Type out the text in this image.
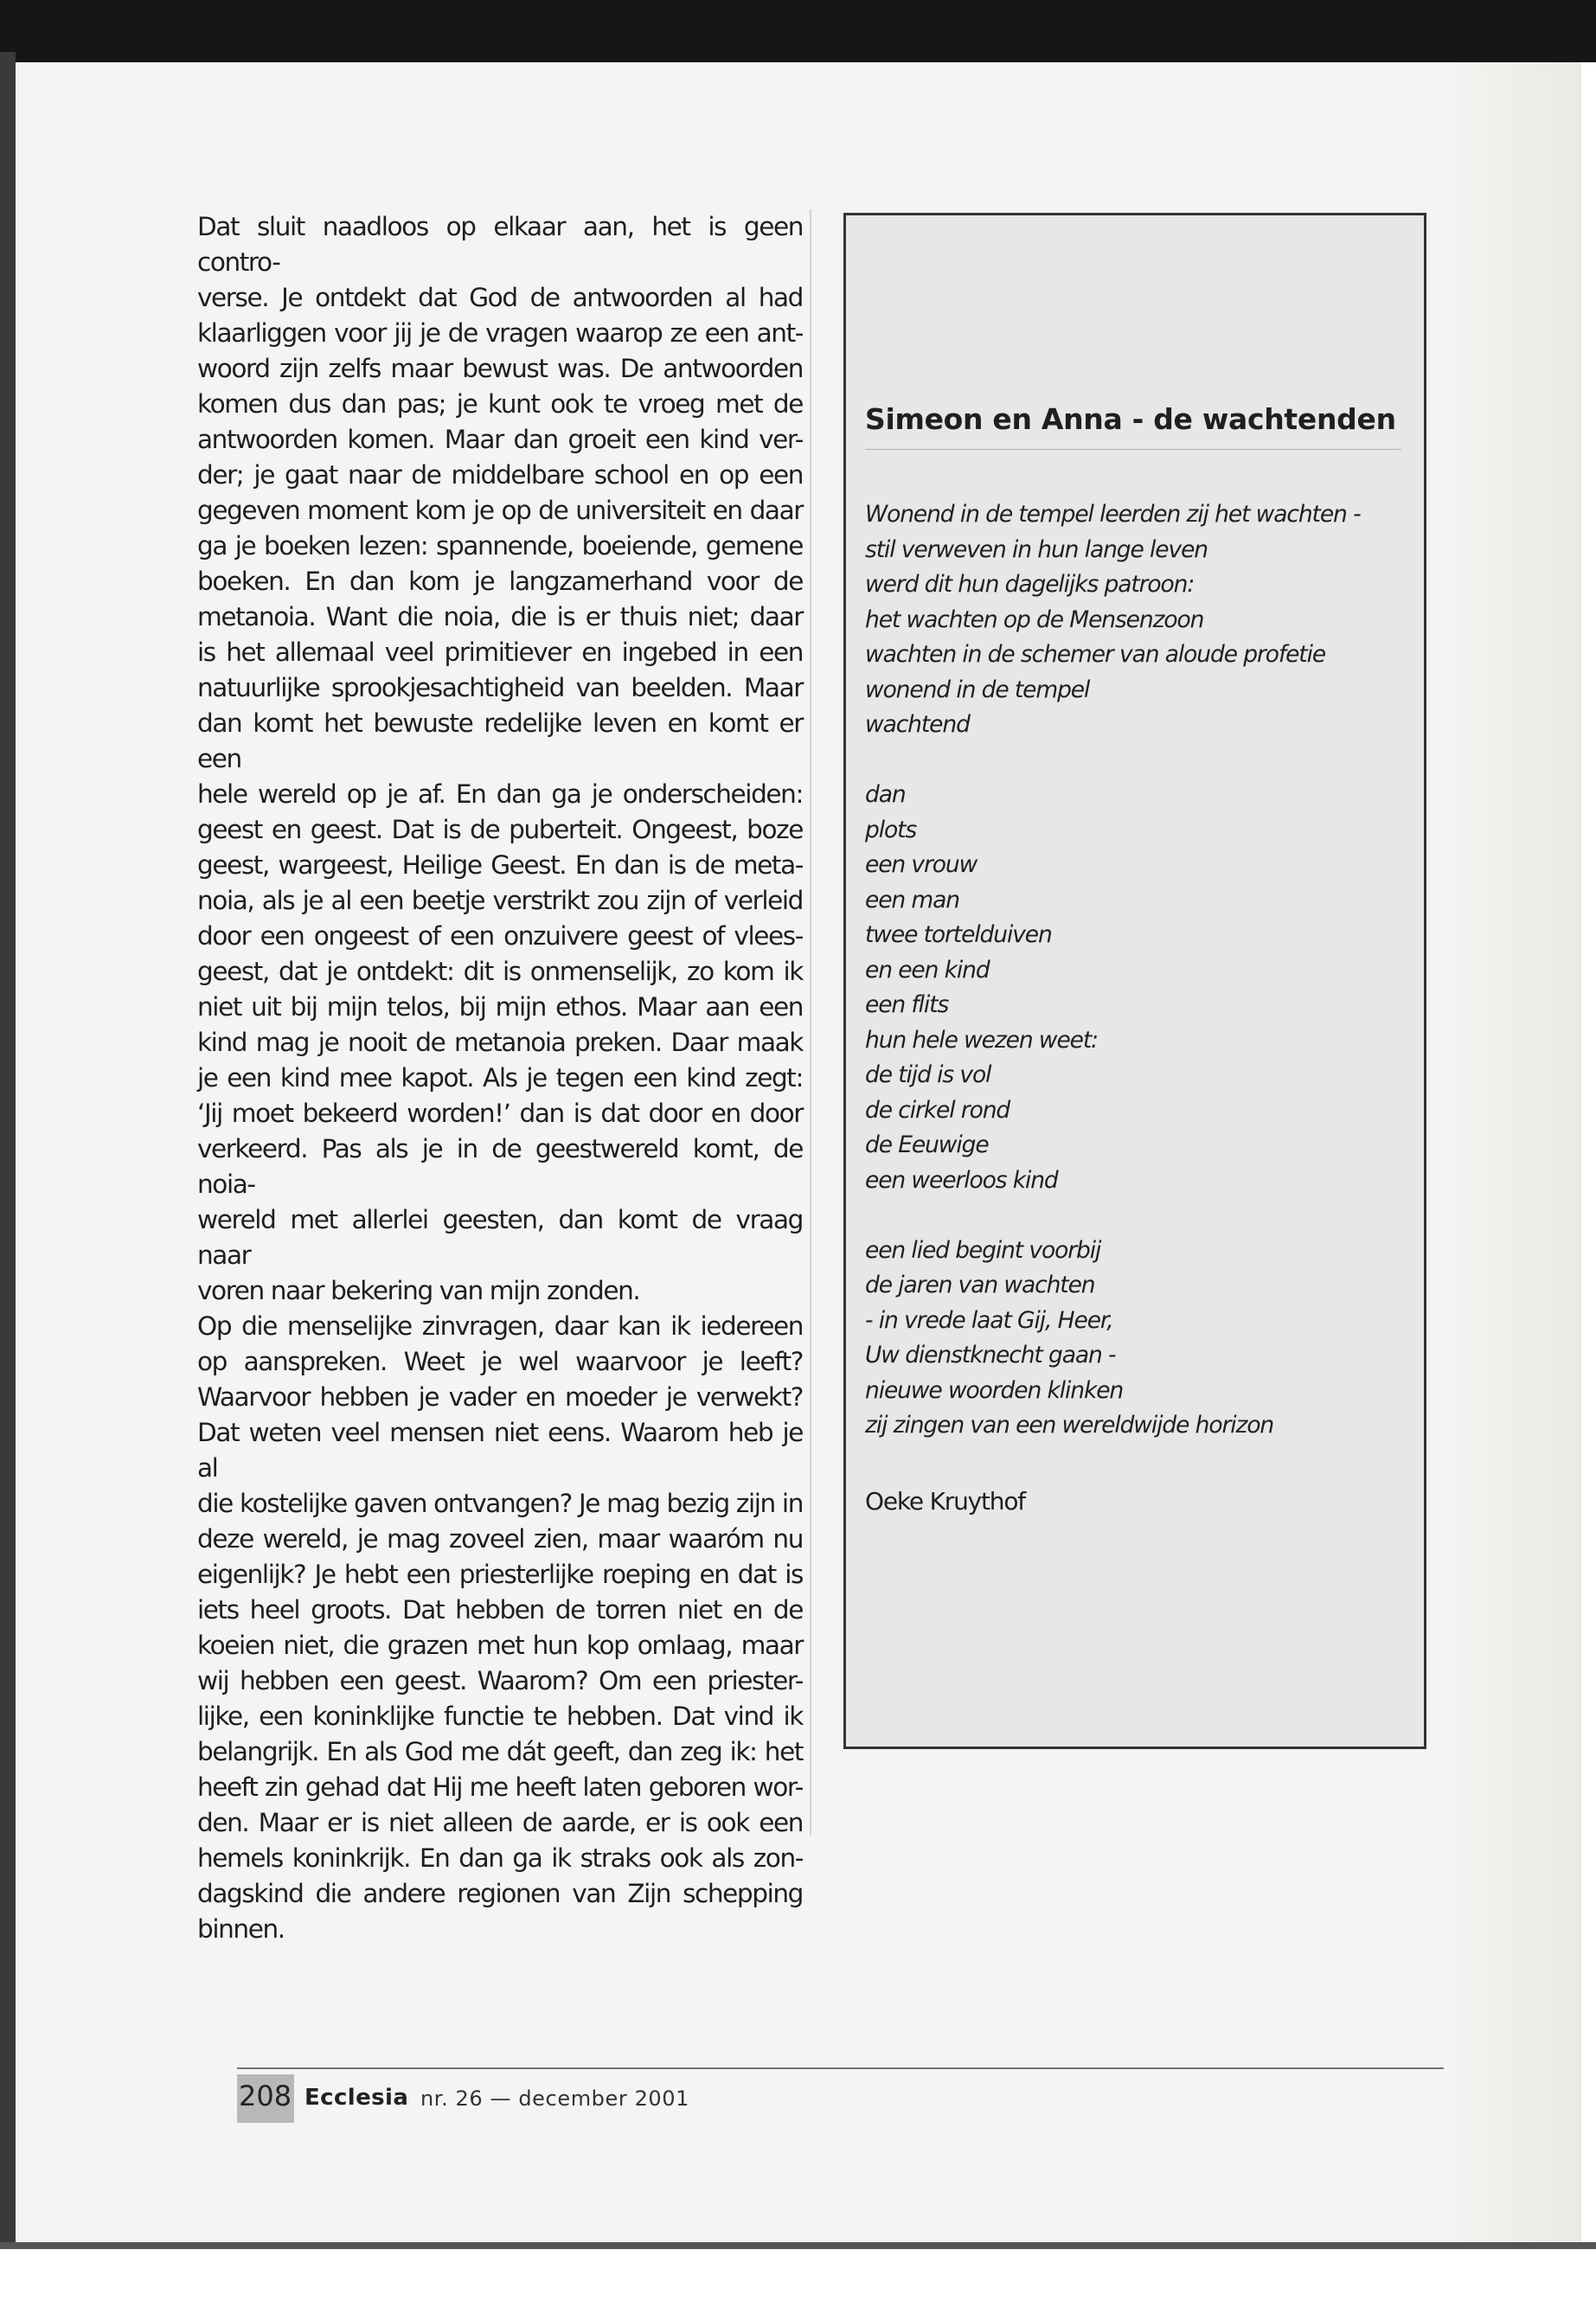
Dat sluit naadloos op elkaar aan, het is geen contro-
verse. Je ontdekt dat God de antwoorden al had
klaarliggen voor jij je de vragen waarop ze een ant-
woord zijn zelfs maar bewust was. De antwoorden
komen dus dan pas; je kunt ook te vroeg met de
antwoorden komen. Maar dan groeit een kind ver-
der; je gaat naar de middelbare school en op een
gegeven moment kom je op de universiteit en daar
ga je boeken lezen: spannende, boeiende, gemene
boeken. En dan kom je langzamerhand voor de
metanoia. Want die noia, die is er thuis niet; daar
is het allemaal veel primitiever en ingebed in een
natuurlijke sprookjesachtigheid van beelden. Maar
dan komt het bewuste redelijke leven en komt er een
hele wereld op je af. En dan ga je onderscheiden:
geest en geest. Dat is de puberteit. Ongeest, boze
geest, wargeest, Heilige Geest. En dan is de meta-
noia, als je al een beetje verstrikt zou zijn of verleid
door een ongeest of een onzuivere geest of vlees-
geest, dat je ontdekt: dit is onmenselijk, zo kom ik
niet uit bij mijn telos, bij mijn ethos. Maar aan een
kind mag je nooit de metanoia preken. Daar maak
je een kind mee kapot. Als je tegen een kind zegt:
‘Jij moet bekeerd worden!’ dan is dat door en door
verkeerd. Pas als je in de geestwereld komt, de noia-
wereld met allerlei geesten, dan komt de vraag naar
voren naar bekering van mijn zonden.

Op die menselijke zinvragen, daar kan ik iedereen
op aanspreken. Weet je wel waarvoor je leeft?
Waarvoor hebben je vader en moeder je verwekt?
Dat weten veel mensen niet eens. Waarom heb je al
die kostelijke gaven ontvangen? Je mag bezig zijn in
deze wereld, je mag zoveel zien, maar waaróm nu
eigenlijk? Je hebt een priesterlijke roeping en dat is
iets heel groots. Dat hebben de torren niet en de
koeien niet, die grazen met hun kop omlaag, maar
wij hebben een geest. Waarom? Om een priester-
lijke, een koninklijke functie te hebben. Dat vind ik
belangrijk. En als God me dát geeft, dan zeg ik: het
heeft zin gehad dat Hij me heeft laten geboren wor-
den. Maar er is niet alleen de aarde, er is ook een
hemels koninkrijk. En dan ga ik straks ook als zon-
dagskind die andere regionen van Zijn schepping
binnen.

Simeon en Anna - de wachtenden
Wonend in de tempel leerden zij het wachten -
stil verweven in hun lange leven
werd dit hun dagelijks patroon:
het wachten op de Mensenzoon
wachten in de schemer van aloude profetie
wonend in de tempel
wachtend
dan
plots
een vrouw
een man
twee tortelduiven
en een kind
een flits
hun hele wezen weet:
de tijd is vol
de cirkel rond
de Eeuwige
een weerloos kind
een lied begint voorbij
de jaren van wachten
- in vrede laat Gij, Heer,
Uw dienstknecht gaan -
nieuwe woorden klinken
zij zingen van een wereldwijde horizon
Oeke Kruythof
208 Ecclesia nr. 26 — december 2001
